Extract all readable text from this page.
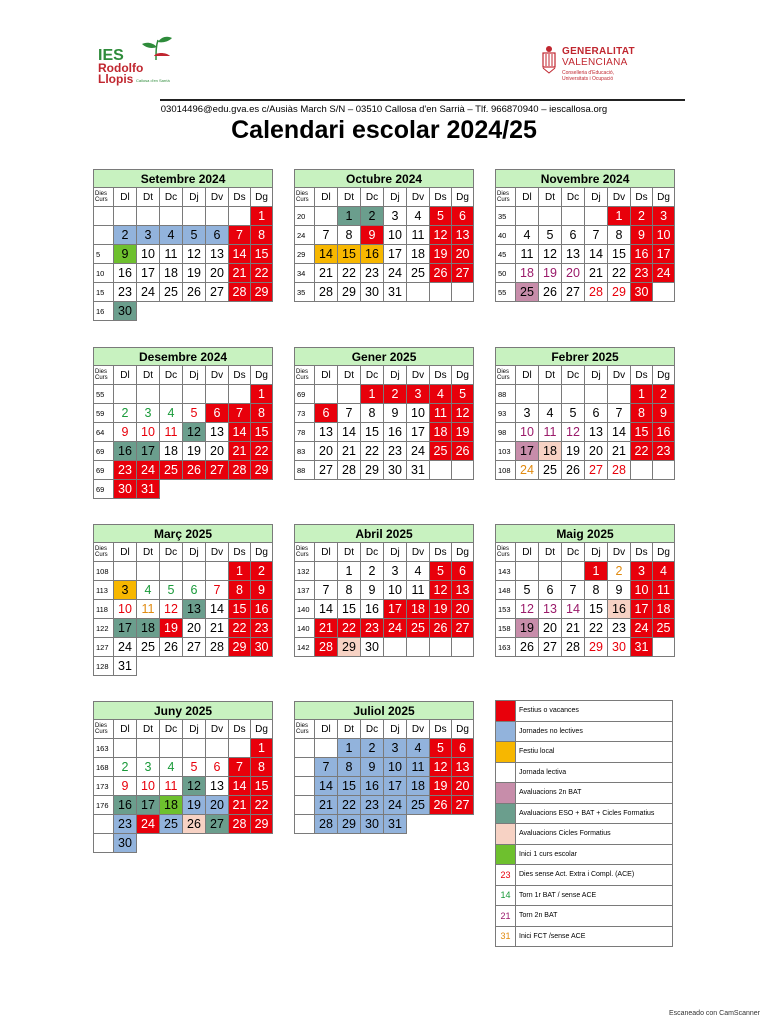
IES
Rodolfo
Llopis Callosa d'en Sarrià
GENERALITAT
VALENCIANA
Conselleria d'Educació,
Universitats i Ocupació
03014496@edu.gva.es c/Ausiàs March S/N – 03510 Callosa d'en Sarrià – Tlf. 966870940 – iescallosa.org
Calendari escolar 2024/25
Setembre 2024							
Dies
Curs	Dl	Dt	Dc	Dj	Dv	Ds	Dg
							1
	2	3	4	5	6	7	8
5	9	10	11	12	13	14	15
10	16	17	18	19	20	21	22
15	23	24	25	26	27	28	29
16	30						
Octubre 2024							
Dies
Curs	Dl	Dt	Dc	Dj	Dv	Ds	Dg
20		1	2	3	4	5	6
24	7	8	9	10	11	12	13
29	14	15	16	17	18	19	20
34	21	22	23	24	25	26	27
35	28	29	30	31			
Novembre 2024							
Dies
Curs	Dl	Dt	Dc	Dj	Dv	Ds	Dg
35					1	2	3
40	4	5	6	7	8	9	10
45	11	12	13	14	15	16	17
50	18	19	20	21	22	23	24
55	25	26	27	28	29	30	
Desembre 2024							
Dies
Curs	Dl	Dt	Dc	Dj	Dv	Ds	Dg
55							1
59	2	3	4	5	6	7	8
64	9	10	11	12	13	14	15
69	16	17	18	19	20	21	22
69	23	24	25	26	27	28	29
69	30	31					
Gener 2025							
Dies
Curs	Dl	Dt	Dc	Dj	Dv	Ds	Dg
69			1	2	3	4	5
73	6	7	8	9	10	11	12
78	13	14	15	16	17	18	19
83	20	21	22	23	24	25	26
88	27	28	29	30	31		
Febrer 2025							
Dies
Curs	Dl	Dt	Dc	Dj	Dv	Ds	Dg
88						1	2
93	3	4	5	6	7	8	9
98	10	11	12	13	14	15	16
103	17	18	19	20	21	22	23
108	24	25	26	27	28		
Març 2025							
Dies
Curs	Dl	Dt	Dc	Dj	Dv	Ds	Dg
108						1	2
113	3	4	5	6	7	8	9
118	10	11	12	13	14	15	16
122	17	18	19	20	21	22	23
127	24	25	26	27	28	29	30
128	31						
Abril 2025							
Dies
Curs	Dl	Dt	Dc	Dj	Dv	Ds	Dg
132		1	2	3	4	5	6
137	7	8	9	10	11	12	13
140	14	15	16	17	18	19	20
140	21	22	23	24	25	26	27
142	28	29	30				
Maig 2025							
Dies
Curs	Dl	Dt	Dc	Dj	Dv	Ds	Dg
143				1	2	3	4
148	5	6	7	8	9	10	11
153	12	13	14	15	16	17	18
158	19	20	21	22	23	24	25
163	26	27	28	29	30	31	
Juny 2025							
Dies
Curs	Dl	Dt	Dc	Dj	Dv	Ds	Dg
163							1
168	2	3	4	5	6	7	8
173	9	10	11	12	13	14	15
176	16	17	18	19	20	21	22
	23	24	25	26	27	28	29
	30						
Juliol 2025							
Dies
Curs	Dl	Dt	Dc	Dj	Dv	Ds	Dg
		1	2	3	4	5	6
	7	8	9	10	11	12	13
	14	15	16	17	18	19	20
	21	22	23	24	25	26	27
	28	29	30	31			
	Festius o vacances
	Jornades no lectives
	Festiu local
	Jornada lectiva
	Avaluacions 2n BAT
	Avaluacions ESO + BAT + Cicles Formatius
	Avaluacions Cicles Formatius
	Inici 1 curs escolar
23	Dies sense Act. Extra i Compl. (ACE)
14	Torn 1r BAT / sense ACE
21	Torn 2n BAT
31	Inici FCT /sense ACE
Escaneado con CamScanner
